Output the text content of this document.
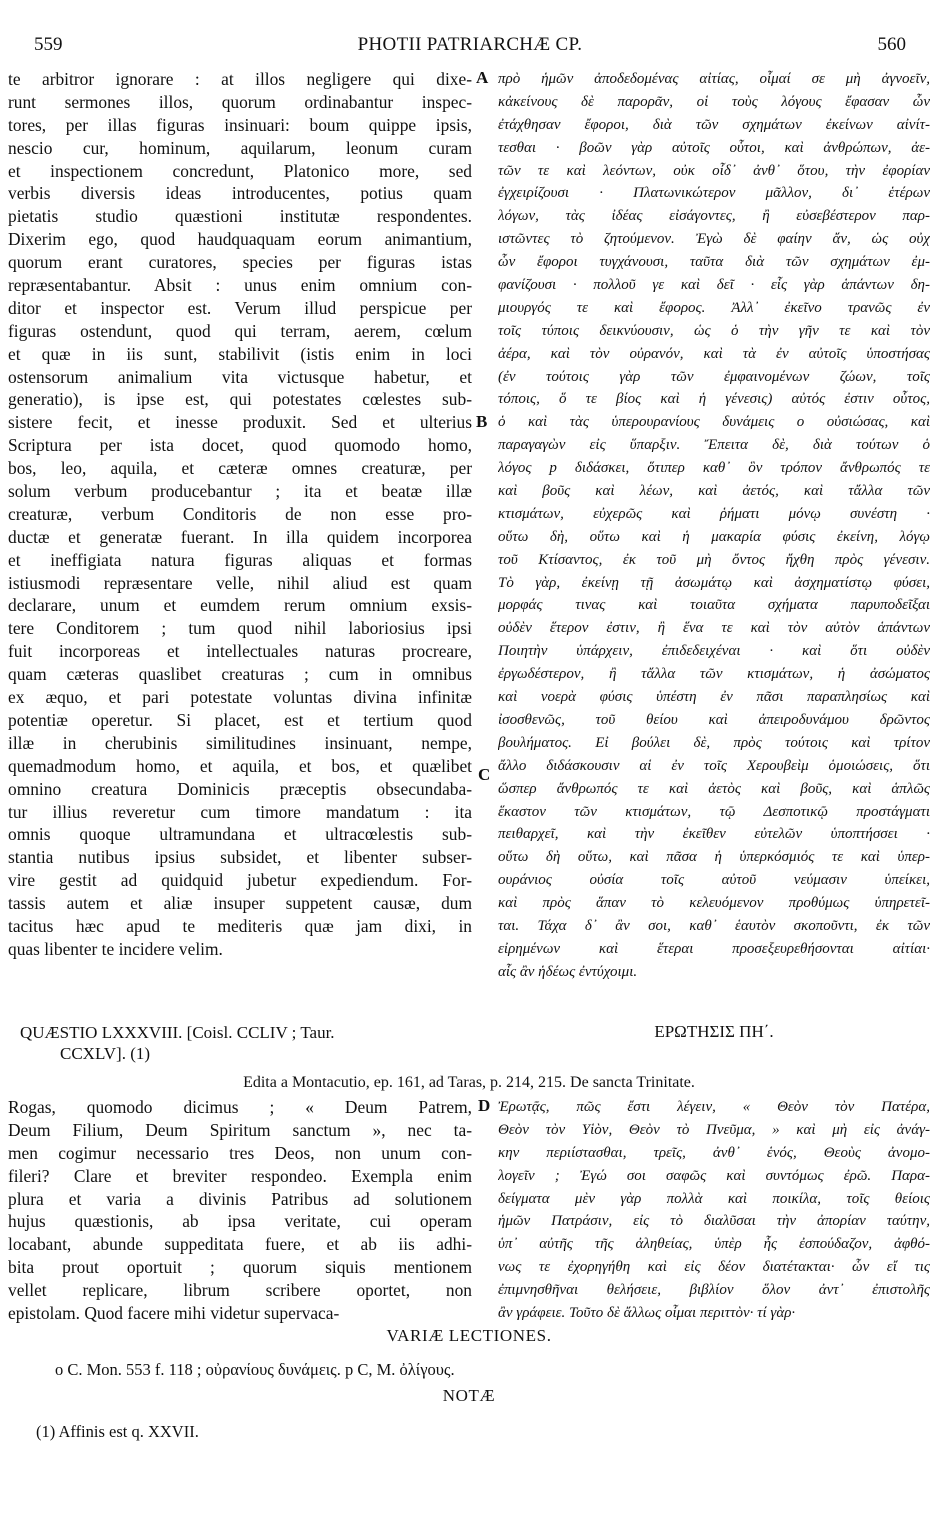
559	PHOTII PATRIARCHÆ CP.	560
te arbitror ignorare : at illos negligere qui dixe-
runt sermones illos, quorum ordinabantur inspec-
tores, per illas figuras insinuari: boum quippe ipsis,
nescio cur, hominum, aquilarum, leonum curam
et inspectionem concredunt, Platonico more, sed
verbis diversis ideas introducentes, potius quam
pietatis studio quæstioni institutæ respondentes.
Dixerim ego, quod haudquaquam eorum animantium,
quorum erant curatores, species per figuras istas
repræsentabantur. Absit : unus enim omnium con-
ditor et inspector est. Verum illud perspicue per
figuras ostendunt, quod qui terram, aerem, cœlum
et quæ in iis sunt, stabilivit (istis enim in loci
ostensorum animalium vita victusque habetur, et
generatio), is ipse est, qui potestates cœlestes sub-
sistere fecit, et inesse produxit. Sed et ulterius
Scriptura per ista docet, quod quomodo homo,
bos, leo, aquila, et cæteræ omnes creaturæ, per
solum verbum producebantur ; ita et beatæ illæ
creaturæ, verbum Conditoris de non esse pro-
ductæ et generatæ fuerant. In illa quidem incorporea
et ineffigiata natura figuras aliquas et formas
istiusmodi repræsentare velle, nihil aliud est quam
declarare, unum et eumdem rerum omnium exsis-
tere Conditorem ; tum quod nihil laboriosius ipsi
fuit incorporeas et intellectuales naturas procreare,
quam cæteras quaslibet creaturas ; cum in omnibus
ex æquo, et pari potestate voluntas divina infinitæ
potentiæ operetur. Si placet, est et tertium quod
illæ in cherubinis similitudines insinuant, nempe,
quemadmodum homo, et aquila, et bos, et quælibet
omnino creatura Dominicis præceptis obsecundaba-
tur illius reveretur cum timore mandatum : ita
omnis quoque ultramundana et ultracœlestis sub-
stantia nutibus ipsius subsidet, et libenter subser-
vire gestit ad quidquid jubetur expediendum. For-
tassis autem et aliæ insuper suppetent causæ, dum
tacitus hæc apud te mediteris quæ jam dixi, in
quas libenter te incidere velim.
πρὸ ἡμῶν ἀποδεδομένας αἰτίας, οἶμαί σε μὴ ἀγνοεῖν,
κἀκείνους δὲ παρορᾶν, οἱ τοὺς λόγους ἔφασαν ὧν
ἐτάχθησαν ἔφοροι, διὰ τῶν σχημάτων ἐκείνων αἰνίτ-
τεσθαι · βοῶν γὰρ αὐτοῖς οὗτοι, καὶ ἀνθρώπων, ἀε-
τῶν τε καὶ λεόντων, οὐκ οἶδ᾽ ἀνθ᾽ ὅτου, τὴν ἐφορίαν
ἐγχειρίζουσι · Πλατωνικώτερον μᾶλλον, δι᾽ ἑτέρων
λόγων, τὰς ἰδέας εἰσάγοντες, ἢ εὐσεβέστερον παρ-
ιστῶντες τὸ ζητούμενον. Ἐγὼ δὲ φαίην ἄν, ὡς οὐχ
ὧν ἔφοροι τυγχάνουσι, ταῦτα διὰ τῶν σχημάτων ἐμ-
φανίζουσι · πολλοῦ γε καὶ δεῖ · εἷς γὰρ ἁπάντων δη-
μιουργός τε καὶ ἔφορος. Ἀλλ᾽ ἐκεῖνο τρανῶς ἐν
τοῖς τύποις δεικνύουσιν, ὡς ὁ τὴν γῆν τε καὶ τὸν
ἀέρα, καὶ τὸν οὐρανόν, καὶ τὰ ἐν αὐτοῖς ὑποστήσας
(ἐν τούτοις γὰρ τῶν ἐμφαινομένων ζώων, τοῖς
τόποις, ὅ τε βίος καὶ ἡ γένεσις) αὐτός ἐστιν οὗτος,
ὁ καὶ τὰς ὑπερουρανίους δυνάμεις ο οὐσιώσας, καὶ
παραγαγὼν εἰς ὕπαρξιν. Ἔπειτα δὲ, διὰ τούτων ὁ
λόγος p διδάσκει, ὅτιπερ καθ᾽ ὃν τρόπον ἄνθρωπός τε
καὶ βοῦς καὶ λέων, καὶ ἀετός, καὶ τἄλλα τῶν
κτισμάτων, εὐχερῶς καὶ ῥήματι μόνῳ συνέστη ·
οὕτω δὴ, οὕτω καὶ ἡ μακαρία φύσις ἐκείνη, λόγῳ
τοῦ Κτίσαντος, ἐκ τοῦ μὴ ὄντος ἤχθη πρὸς γένεσιν.
Τὸ γὰρ, ἐκείνῃ τῇ ἀσωμάτῳ καὶ ἀσχηματίστῳ φύσει,
μορφάς τινας καὶ τοιαῦτα σχήματα παρυποδεῖξαι
οὐδὲν ἕτερον ἐστιν, ἢ ἕνα τε καὶ τὸν αὐτὸν ἁπάντων
Ποιητὴν ὑπάρχειν, ἐπιδεδειχέναι · καὶ ὅτι οὐδὲν
ἐργωδέστερον, ἢ τἄλλα τῶν κτισμάτων, ἡ ἀσώματος
καὶ νοερὰ φύσις ὑπέστη ἐν πᾶσι παραπλησίως καὶ
ἰσοσθενῶς, τοῦ θείου καὶ ἀπειροδυνάμου δρῶντος
βουλήματος. Εἰ βούλει δὲ, πρὸς τούτοις καὶ τρίτον
ἄλλο διδάσκουσιν αἱ ἐν τοῖς Χερουβεὶμ ὁμοιώσεις, ὅτι
ὥσπερ ἄνθρωπός τε καὶ ἀετὸς καὶ βοῦς, καὶ ἁπλῶς
ἕκαστον τῶν κτισμάτων, τῷ Δεσποτικῷ προστάγματι
πειθαρχεῖ, καὶ τὴν ἐκεῖθεν εὐτελῶν ὑποπτήσσει ·
οὕτω δὴ οὕτω, καὶ πᾶσα ἡ ὑπερκόσμιός τε καὶ ὑπερ-
ουράνιος οὐσία τοῖς αὐτοῦ νεύμασιν ὑπείκει,
καὶ πρὸς ἅπαν τὸ κελευόμενον προθύμως ὑπηρετεῖ-
ται. Τάχα δ᾽ ἂν σοι, καθ᾽ ἑαυτὸν σκοποῦντι, ἐκ τῶν
εἰρημένων καὶ ἕτεραι προσεξευρεθήσονται αἰτίαι·
αἷς ἂν ἡδέως ἐντύχοιμι.
A
B
C
D
QUÆSTIO LXXXVIII. [Coisl. CCLIV ; Taur.
CCXLV]. (1)
ΕΡΩΤΗΣΙΣ ΠΗ΄.
Edita a Montacutio, ep. 161, ad Taras, p. 214, 215. De sancta Trinitate.
Rogas, quomodo dicimus ; « Deum Patrem,
Deum Filium, Deum Spiritum sanctum », nec ta-
men cogimur necessario tres Deos, non unum con-
fileri? Clare et breviter respondeo. Exempla enim
plura et varia a divinis Patribus ad solutionem
hujus quæstionis, ab ipsa veritate, cui operam
locabant, abunde suppeditata fuere, et ab iis adhi-
bita prout oportuit ; quorum siquis mentionem
vellet replicare, librum scribere oportet, non
epistolam. Quod facere mihi videtur supervaca-
Ἐρωτᾷς, πῶς ἔστι λέγειν, « Θεὸν τὸν Πατέρα,
Θεὸν τὸν Υἱὸν, Θεὸν τὸ Πνεῦμα, » καὶ μὴ εἰς ἀνάγ-
κην περιίστασθαι, τρεῖς, ἀνθ᾽ ἑνός, Θεοὺς ἀνομο-
λογεῖν ; Ἐγώ σοι σαφῶς καὶ συντόμως ἐρῶ. Παρα-
δείγματα μὲν γὰρ πολλὰ καὶ ποικίλα, τοῖς θείοις
ἡμῶν Πατράσιν, εἰς τὸ διαλῦσαι τὴν ἀπορίαν ταύτην,
ὑπ᾽ αὐτῆς τῆς ἀληθείας, ὑπὲρ ἧς ἐσπούδαζον, ἀφθό-
νως τε ἐχορηγήθη καὶ εἰς δέον διατέτακται· ὧν εἴ τις
ἐπιμνησθῆναι θελήσειε, βιβλίον ὅλον ἀντ᾽ ἐπιστολῆς
ἂν γράφειε. Τοῦτο δὲ ἄλλως οἶμαι περιττὸν· τί γὰρ·
VARIÆ LECTIONES.
o C. Mon. 553 f. 118 ; οὐρανίους δυνάμεις. p C, M. ὀλίγους.
NOTÆ
(1) Affinis est q. XXVII.
